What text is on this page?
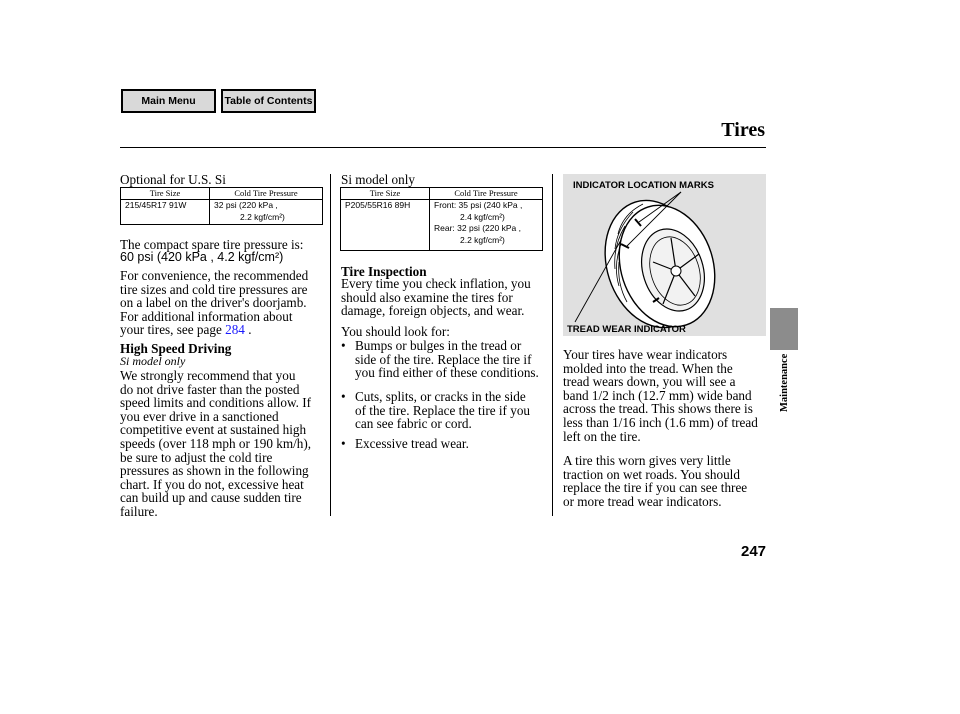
Main Menu	Table of Contents
Tires
Optional for U.S. Si
Tire Size	Cold Tire Pressure
215/45R17 91W	32 psi (220 kPa ,
2.2 kgf/cm²)
The compact spare tire pressure is:
60 psi (420 kPa , 4.2 kgf/cm²)
For convenience, the recommended
tire sizes and cold tire pressures are
on a label on the driver's doorjamb.
For additional information about
your tires, see page 284 .
High Speed Driving
Si model only
We strongly recommend that you
do not drive faster than the posted
speed limits and conditions allow. If
you ever drive in a sanctioned
competitive event at sustained high
speeds (over 118 mph or 190 km/h),
be sure to adjust the cold tire
pressures as shown in the following
chart. If you do not, excessive heat
can build up and cause sudden tire
failure.
Si model only
Tire Size	Cold Tire Pressure
P205/55R16 89H	Front: 35 psi (240 kPa ,
2.4 kgf/cm²)
Rear: 32 psi (220 kPa ,
2.2 kgf/cm²)
Tire Inspection
Every time you check inflation, you
should also examine the tires for
damage, foreign objects, and wear.
You should look for:
• Bumps or bulges in the tread or
side of the tire. Replace the tire if
you find either of these conditions.
• Cuts, splits, or cracks in the side
of the tire. Replace the tire if you
can see fabric or cord.
• Excessive tread wear.
INDICATOR LOCATION MARKS
TREAD WEAR INDICATOR
Your tires have wear indicators
molded into the tread. When the
tread wears down, you will see a
band 1/2 inch (12.7 mm) wide band
across the tread. This shows there is
less than 1/16 inch (1.6 mm) of tread
left on the tire.
A tire this worn gives very little
traction on wet roads. You should
replace the tire if you can see three
or more tread wear indicators.
Maintenance
247
